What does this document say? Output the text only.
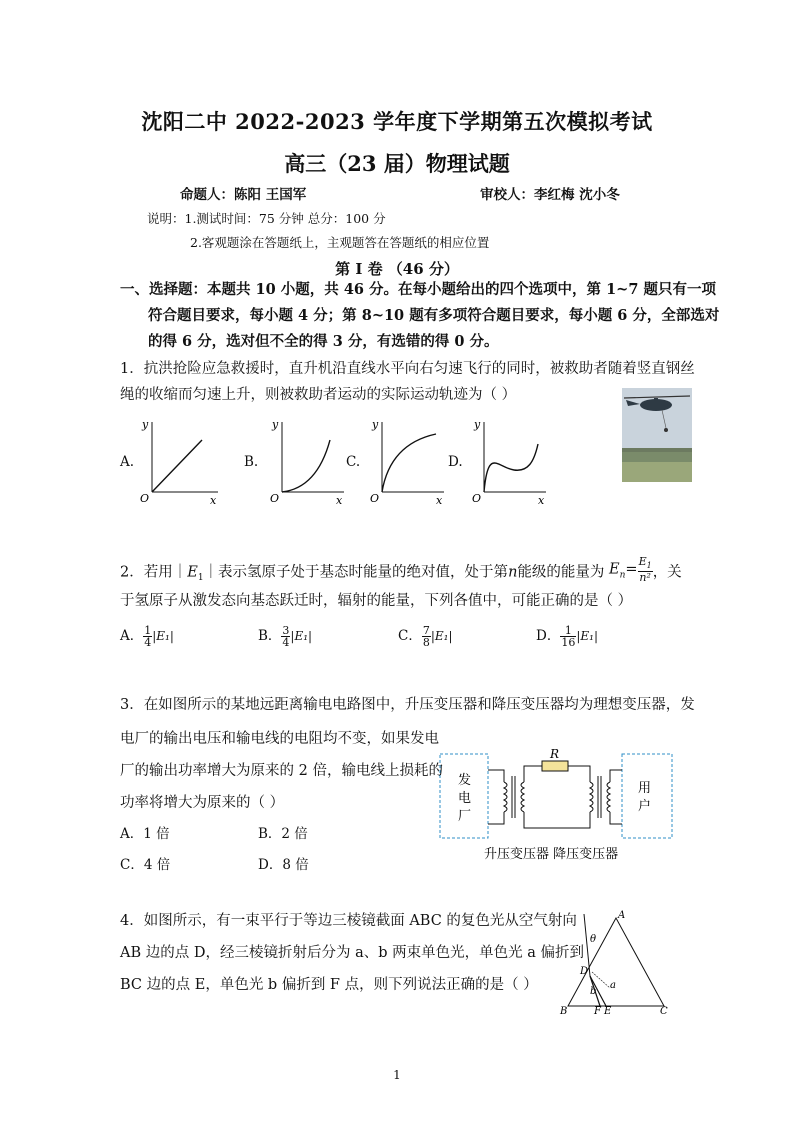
沈阳二中 2022-2023 学年度下学期第五次模拟考试
高三（23 届）物理试题
命题人：陈阳 王国军	审校人：李红梅 沈小冬
说明：1.测试时间：75 分钟 总分：100 分
2.客观题涂在答题纸上，主观题答在答题纸的相应位置
第 I 卷 （46 分）
一、选择题：本题共 10 小题，共 46 分。在每小题给出的四个选项中，第 1~7 题只有一项
符合题目要求，每小题 4 分；第 8~10 题有多项符合题目要求，每小题 6 分，全部选对
的得 6 分，选对但不全的得 3 分，有选错的得 0 分。
1．抗洪抢险应急救援时，直升机沿直线水平向右匀速飞行的同时，被救助者随着竖直钢丝
绳的收缩而匀速上升，则被救助者运动的实际运动轨迹为（ ）
A.
y
O	x
B.
y
O	x
C.
y
O	x
D.
y
O	x
2．若用$|E_1|$表示氢原子处于基态时能量的绝对值，处于第n能级的能量为 $E_n= \frac{E_1}{\text{n²}}$ ，关
于氢原子从激发态向基态跃迁时，辐射的能量，下列各值中，可能正确的是（ ）
A． $\frac{1}{4} |E_1|$	B． $\frac{3}{4} |E_1|$	C． $\frac{7}{8} |E_1|$	D． $\frac{1}{16} |E_1|$
3．在如图所示的某地远距离输电电路图中，升压变压器和降压变压器均为理想变压器，发
电厂的输出电压和输电线的电阻均不变，如果发电
厂的输出功率增大为原来的 2 倍，输电线上损耗的
功率将增大为原来的（ ）
A．1 倍	B．2 倍
C．4 倍	D．8 倍
发
电
厂
用
户
R
升压变压器 降压变压器
4．如图所示，有一束平行于等边三棱镜截面 ABC 的复色光从空气射向
AB 边的点 D，经三棱镜折射后分为 a、b 两束单色光，单色光 a 偏折到
BC 边的点 E，单色光 b 偏折到 F 点，则下列说法正确的是（ ）
A
B	C
D
E
F
a
b
θ
1
